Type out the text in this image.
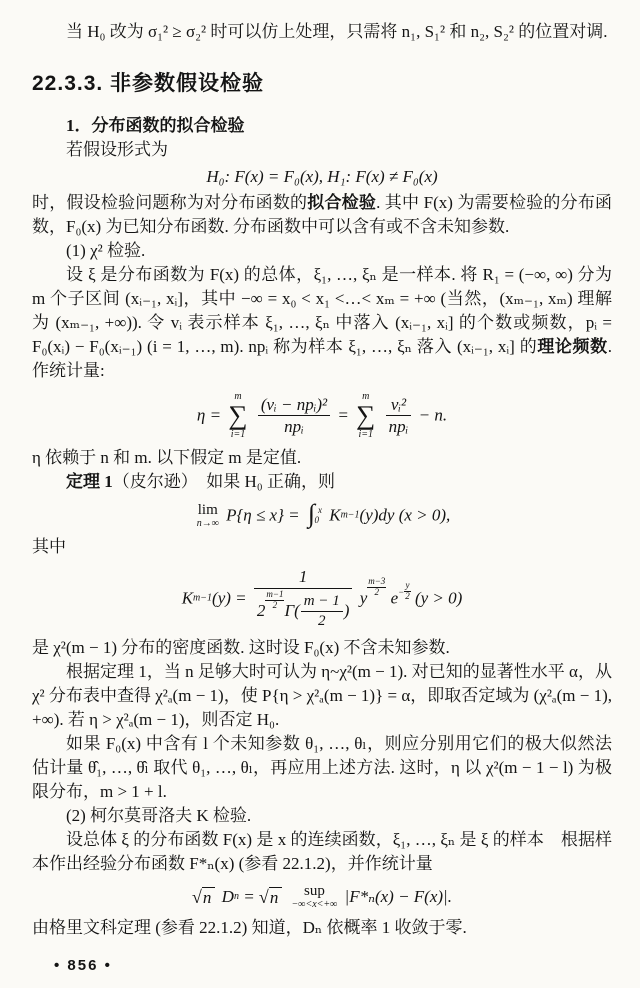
当 H₀ 改为 σ₁² ≥ σ₂² 时可以仿上处理，只需将 n₁, S₁² 和 n₂, S₂² 的位置对调.

22.3.3. 非参数假设检验

1．分布函数的拟合检验

若假设形式为

H₀: F(x) = F₀(x), H₁: F(x) ≠ F₀(x)

时，假设检验问题称为对分布函数的拟合检验. 其中 F(x) 为需要检验的分布函数，F₀(x) 为已知分布函数. 分布函数中可以含有或不含未知参数.

(1) χ² 检验.

设 ξ 是分布函数为 F(x) 的总体，ξ₁, …, ξₙ 是一样本. 将 R₁ = (−∞, ∞) 分为 m 个子区间 (xᵢ₋₁, xᵢ]，其中 −∞ = x₀ < x₁ <…< xₘ = +∞ (当然，(xₘ₋₁, xₘ) 理解为 (xₘ₋₁, +∞)). 令 vᵢ 表示样本 ξ₁, …, ξₙ 中落入 (xᵢ₋₁, xᵢ] 的个数或频数，pᵢ = F₀(xᵢ) − F₀(xᵢ₋₁) (i = 1, …, m). npᵢ 称为样本 ξ₁, …, ξₙ 落入 (xᵢ₋₁, xᵢ] 的理论频数. 作统计量:

η =
m
∑
i=1
$\frac{\text{(vᵢ − npᵢ)²}}{\text{npᵢ}}$ =
m
∑
i=1
$\frac{\text{vᵢ²}}{\text{npᵢ}} - n$.

η 依赖于 n 和 m. 以下假定 m 是定值.

定理 1（皮尔逊）　如果 H₀ 正确，则

lim
n→∞ P{η ≤ x} = ∫ x
0 Km−1(y)dy (x > 0),

其中

$Km-1(y) = \frac{1}{2 \frac{m-1}{2} \Gamma( \frac{m - 1}{2} )}$ y
$\frac{m-3}{2}$
$e - \frac{y}{2} (y > 0)$

是 χ²(m − 1) 分布的密度函数. 这时设 F₀(x) 不含未知参数.

根据定理 1，当 n 足够大时可认为 η~χ²(m − 1). 对已知的显著性水平 α，从 χ² 分布表中查得 χ²ₐ(m − 1)，使 P{η > χ²ₐ(m − 1)} = α，即取否定域为 (χ²ₐ(m − 1), +∞). 若 η > χ²ₐ(m − 1)，则否定 H₀.

如果 F₀(x) 中含有 l 个未知参数 θ₁, …, θₗ，则应分别用它们的极大似然法估计量 θ̂₁, …, θ̂ₗ 取代 θ₁, …, θₗ，再应用上述方法. 这时，η 以 χ²(m − 1 − l) 为极限分布，m > 1 + l.

(2) 柯尔莫哥洛夫 K 检验.

设总体 ξ 的分布函数 F(x) 是 x 的连续函数，ξ₁, …, ξₙ 是 ξ 的样本　根据样本作出经验分布函数 F*ₙ(x) (参看 22.1.2)，并作统计量

√n Dn = √n sup
−∞<x<+∞ |F*ₙ(x) − F(x)|.

由格里文科定理 (参看 22.1.2) 知道，Dₙ 依概率 1 收敛于零.

• 856 •
